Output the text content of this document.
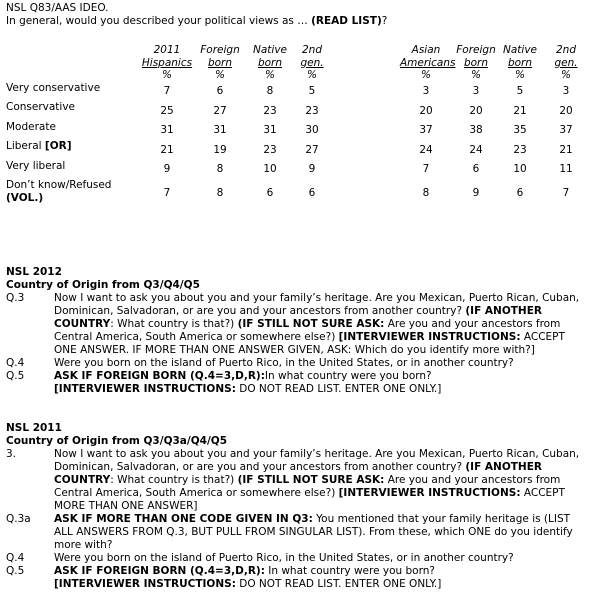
NSL Q83/AAS IDEO.
In general, would you described your political views as … (READ LIST)?
	2011	Foreign	Native	2nd		Asian	Foreign	Native	2nd
	Hispanics	born	born	gen.		Americans	born	born	gen.
	%	%	%	%		%	%	%	%
Very conservative	7	6	8	5		3	3	5	3
Conservative	25	27	23	23		20	20	21	20
Moderate	31	31	31	30		37	38	35	37
Liberal [OR]	21	19	23	27		24	24	23	21
Very liberal	9	8	10	9		7	6	10	11
Don’t know/Refused
(VOL.)	7	8	6	6		8	9	6	7
NSL 2012
Country of Origin from Q3/Q4/Q5
Q.3	Now I want to ask you about you and your family’s heritage. Are you Mexican, Puerto Rican, Cuban, Dominican, Salvadoran, or are you and your ancestors from another country? (IF ANOTHER COUNTRY: What country is that?) (IF STILL NOT SURE ASK: Are you and your ancestors from Central America, South America or somewhere else?) [INTERVIEWER INSTRUCTIONS: ACCEPT ONE ANSWER. IF MORE THAN ONE ANSWER GIVEN, ASK: Which do you identify more with?]
Q.4	Were you born on the island of Puerto Rico, in the United States, or in another country?
Q.5	ASK IF FOREIGN BORN (Q.4=3,D,R):In what country were you born?
[INTERVIEWER INSTRUCTIONS: DO NOT READ LIST. ENTER ONE ONLY.]
NSL 2011
Country of Origin from Q3/Q3a/Q4/Q5
3.	Now I want to ask you about you and your family’s heritage. Are you Mexican, Puerto Rican, Cuban, Dominican, Salvadoran, or are you and your ancestors from another country? (IF ANOTHER COUNTRY: What country is that?) (IF STILL NOT SURE ASK: Are you and your ancestors from Central America, South America or somewhere else?) [INTERVIEWER INSTRUCTIONS: ACCEPT MORE THAN ONE ANSWER]
Q.3a	ASK IF MORE THAN ONE CODE GIVEN IN Q3: You mentioned that your family heritage is (LIST ALL ANSWERS FROM Q.3, BUT PULL FROM SINGULAR LIST). From these, which ONE do you identify more with?
Q.4	Were you born on the island of Puerto Rico, in the United States, or in another country?
Q.5	ASK IF FOREIGN BORN (Q.4=3,D,R): In what country were you born?
[INTERVIEWER INSTRUCTIONS: DO NOT READ LIST. ENTER ONE ONLY.]
